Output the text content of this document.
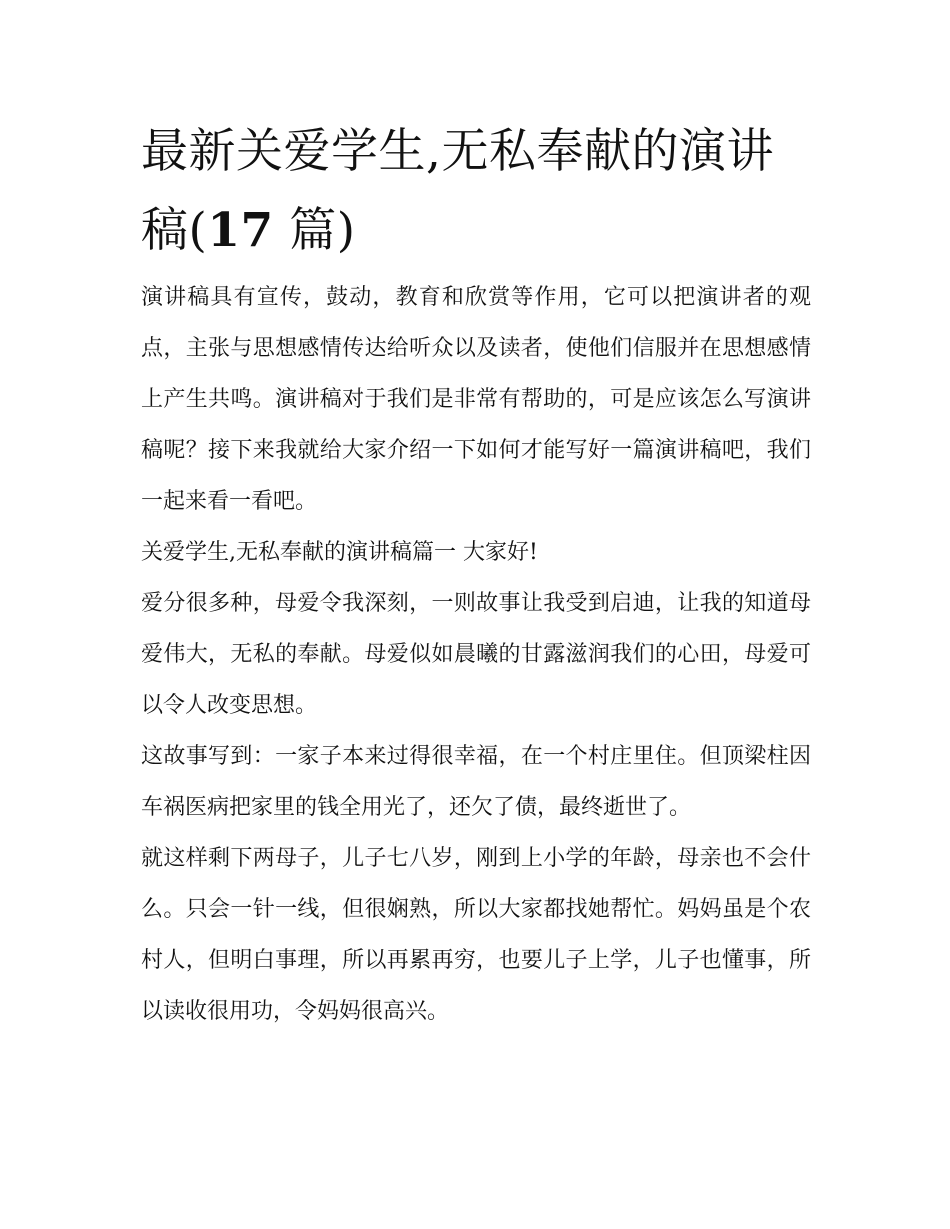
最新关爱学生,无私奉献的演讲稿(17 篇)

演讲稿具有宣传，鼓动，教育和欣赏等作用，它可以把演讲者的观点，主张与思想感情传达给听众以及读者，使他们信服并在思想感情上产生共鸣。演讲稿对于我们是非常有帮助的，可是应该怎么写演讲稿呢？接下来我就给大家介绍一下如何才能写好一篇演讲稿吧，我们一起来看一看吧。

关爱学生,无私奉献的演讲稿篇一 大家好!

爱分很多种，母爱令我深刻，一则故事让我受到启迪，让我的知道母爱伟大，无私的奉献。母爱似如晨曦的甘露滋润我们的心田，母爱可以令人改变思想。

这故事写到：一家子本来过得很幸福，在一个村庄里住。但顶梁柱因车祸医病把家里的钱全用光了，还欠了债，最终逝世了。

就这样剩下两母子，儿子七八岁，刚到上小学的年龄，母亲也不会什么。只会一针一线，但很娴熟，所以大家都找她帮忙。妈妈虽是个农村人，但明白事理，所以再累再穷，也要儿子上学，儿子也懂事，所以读收很用功，令妈妈很高兴。
